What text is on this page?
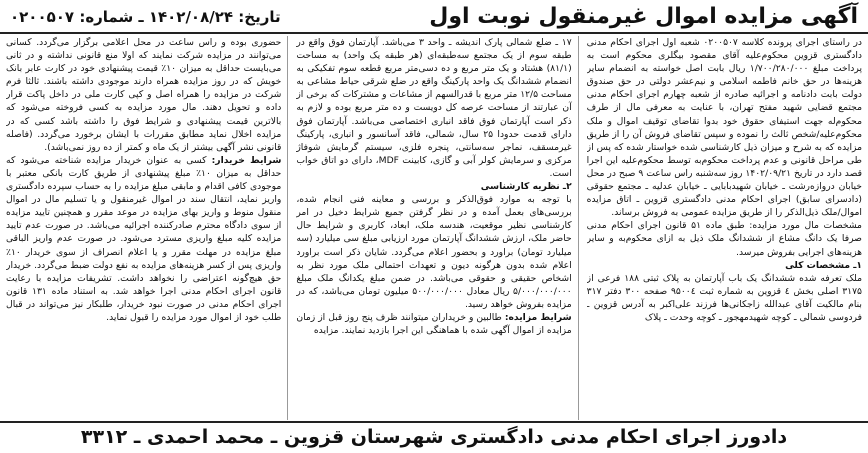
آگهی مزایده اموال غیرمنقول نوبت اول
تاریخ: ۱۴۰۲/۰۸/۲۴ ـ شماره: ۰۲۰۰۵۰۷

در راستای اجرای پرونده کلاسه ۰۲۰۰۵۰۷ شعبه اول اجرای احکام مدنی دادگستری قزوین محکوم‌علیه آقای مقصود بیگلری محکوم است به پرداخت مبلغ ۱/۷۰۰/۲۸۰/۰۰۰ ریال بابت اصل خواسته به انضمام سایر هزینه‌ها در حق خانم فاطمه اسلامی و نیم‌عشر دولتی در حق صندوق دولت بابت دادنامه و اجرائیه صادره از شعبه چهارم اجرای احکام مدنی مجتمع قضایی شهید مفتح تهران، با عنایت به معرفی مال از طرف محکوم‌له جهت استیفای حقوق خود بدوا تقاضای توقیف اموال و ملک محکوم‌علیه/شخص ثالث را نموده و سپس تقاضای فروش آن را از طریق مزایده که به شرح و میزان ذیل کارشناسی شده خواستار شده که پس از طی مراحل قانونی و عدم پرداخت محکوم‌به توسط محکوم‌علیه این اجرا قصد دارد در تاریخ ۱۴۰۲/۰۹/۲۱ روز سه‌شنبه راس ساعت ۹ صبح در محل خیابان دروازه‌رشت ـ خیابان شهیدبابایی ـ خیابان عدلیه ـ مجتمع حقوقی (دادسرای سابق) اجرای احکام مدنی دادگستری قزوین ـ اتاق مزایده اموال/ملک ذیل‌الذکر را از طریق مزایده عمومی به فروش برساند.

مشخصات مال مورد مزایده: طبق ماده ۵۱ قانون اجرای احکام مدنی صرفا یک دانگ مشاع از ششدانگ ملک ذیل به ازای محکوم‌به و سایر هزینه‌های اجرایی بفروش میرسد.

۱ـ مشخصات کلی

ملک تعرفه شده ششدانگ یک باب آپارتمان به پلاک ثبتی ۱۸۸ فرعی از ۳۱۷۵ اصلی بخش ٤ قزوین به شماره ثبت ۹۵۰۰٤ صفحه ۳۰۰ دفتر ۳۱۷ بنام مالکیت آقای عبدالله زاجکانی‌ها فرزند علی‌اکبر به آدرس قزوین ـ فردوسی شمالی ـ کوچه شهیدمهجور ـ کوچه وحدت ـ پلاک

۱۷ ـ ضلع شمالی پارک اندیشه ـ واحد ۳ می‌باشد. آپارتمان فوق واقع در طبقه سوم از یک مجتمع سه‌طبقه‌ای (هر طبقه یک واحد) به مساحت (۸۱/۱) هشتاد و یک متر مربع و ده دسی‌متر مربع قطعه سوم تفکیکی به انضمام ششدانگ یک واحد پارکینگ واقع در ضلع شرقی حیاط مشاعی به مساحت ۱۲/۵ متر مربع با قدرالسهم از مشاعات و مشترکات که برخی از آن عبارتند از مساحت عرصه کل دویست و ده متر مربع بوده و لازم به ذکر است آپارتمان فوق فاقد انباری اختصاصی می‌باشد. آپارتمان فوق دارای قدمت حدودا ۲۵ سال، شمالی، فاقد آسانسور و انباری، پارکینگ غیرمسقف، نماجر سه‌سانتی، پنجره فلزی، سیستم گرمایش شوفاژ مرکزی و سرمایش کولر آبی و گازی، کابینت MDF، دارای دو اتاق خواب است.

۲ـ نظریه کارشناسی

با توجه به موارد فوق‌الذکر و بررسی و معاینه فنی انجام شده، بررسی‌های بعمل آمده و در نظر گرفتن جمیع شرایط دخیل در امر کارشناسی نظیر موقعیت، هندسه ملک، ابعاد، کاربری و شرایط حال حاضر ملک، ارزش ششدانگ آپارتمان مورد ارزیابی مبلغ سی میلیارد (سه میلیارد تومان) براورد و بحضور اعلام می‌گردد. شایان ذکر است براورد اعلام شده بدون هرگونه دیون و تعهدات احتمالی ملک مورد نظر به اشخاص حقیقی و حقوقی می‌باشد. در ضمن مبلغ یکدانگ ملک مبلغ ۵/۰۰۰/۰۰۰/۰۰۰ ریال معادل ۵۰۰/۰۰۰/۰۰۰ میلیون تومان می‌باشد، که در مزایده بفروش خواهد رسید.

شرایط مزایده: طالبین و خریداران میتوانند ظرف پنج روز قبل از زمان مزایده از اموال آگهی شده با هماهنگی این اجرا بازدید نمایند. مزایده

حضوری بوده و راس ساعت در محل اعلامی برگزار می‌گردد. کسانی می‌توانند در مزایده شرکت نمایند که اولا منع قانونی نداشته و در ثانی می‌بایست حداقل به میزان ۱۰٪ قیمت پیشنهادی خود در کارت عابر بانک خویش که در روز مزایده همراه دارند موجودی داشته باشند. ثالثا فرم شرکت در مزایده را همراه اصل و کپی کارت ملی در داخل پاکت قرار داده و تحویل دهند. مال مورد مزایده به کسی فروخته می‌شود که بالاترین قیمت پیشنهادی و شرایط فوق را داشته باشد کسی که در مزایده اخلال نماید مطابق مقررات با ایشان برخورد می‌گردد. (فاصله قانونی نشر آگهی بیشتر از یک ماه و کمتر از ده روز نمی‌باشد).

شرایط خریدار: کسی به عنوان خریدار مزایده شناخته می‌شود که حداقل به میزان ۱۰٪ مبلغ پیشنهادی از طریق کارت بانکی معتبر با موجودی کافی اقدام و مابقی مبلغ مزایده را به حساب سپرده دادگستری واریز نماید، انتقال سند در اموال غیرمنقول و یا تسلیم مال در اموال منقول منوط و واریز بهای مزایده در موعد مقرر و همچنین تایید مزایده از سوی دادگاه محترم صادرکننده اجرائیه می‌باشد. در صورت عدم تایید مزایده کلیه مبلغ واریزی مسترد می‌شود. در صورت عدم واریز الباقی مبلغ مزایده در مهلت مقرر و یا اعلام انصراف از سوی خریدار ۱۰٪ واریزی پس از کسر هزینه‌های مزایده به نفع دولت ضبط می‌گردد. خریدار حق هیچ‌گونه اعتراضی را نخواهد داشت. تشریفات مزایده با رعایت قانون اجرای احکام مدنی اجرا خواهد شد. به استناد ماده ۱۳۱ قانون اجرای احکام مدنی در صورت نبود خریدار، طلبکار نیز می‌تواند در قبال طلب خود از اموال مورد مزایده را قبول نماید.

دادورز اجرای احکام مدنی دادگستری شهرستان قزوین ـ محمد احمدی ـ ۳۳۱۲
